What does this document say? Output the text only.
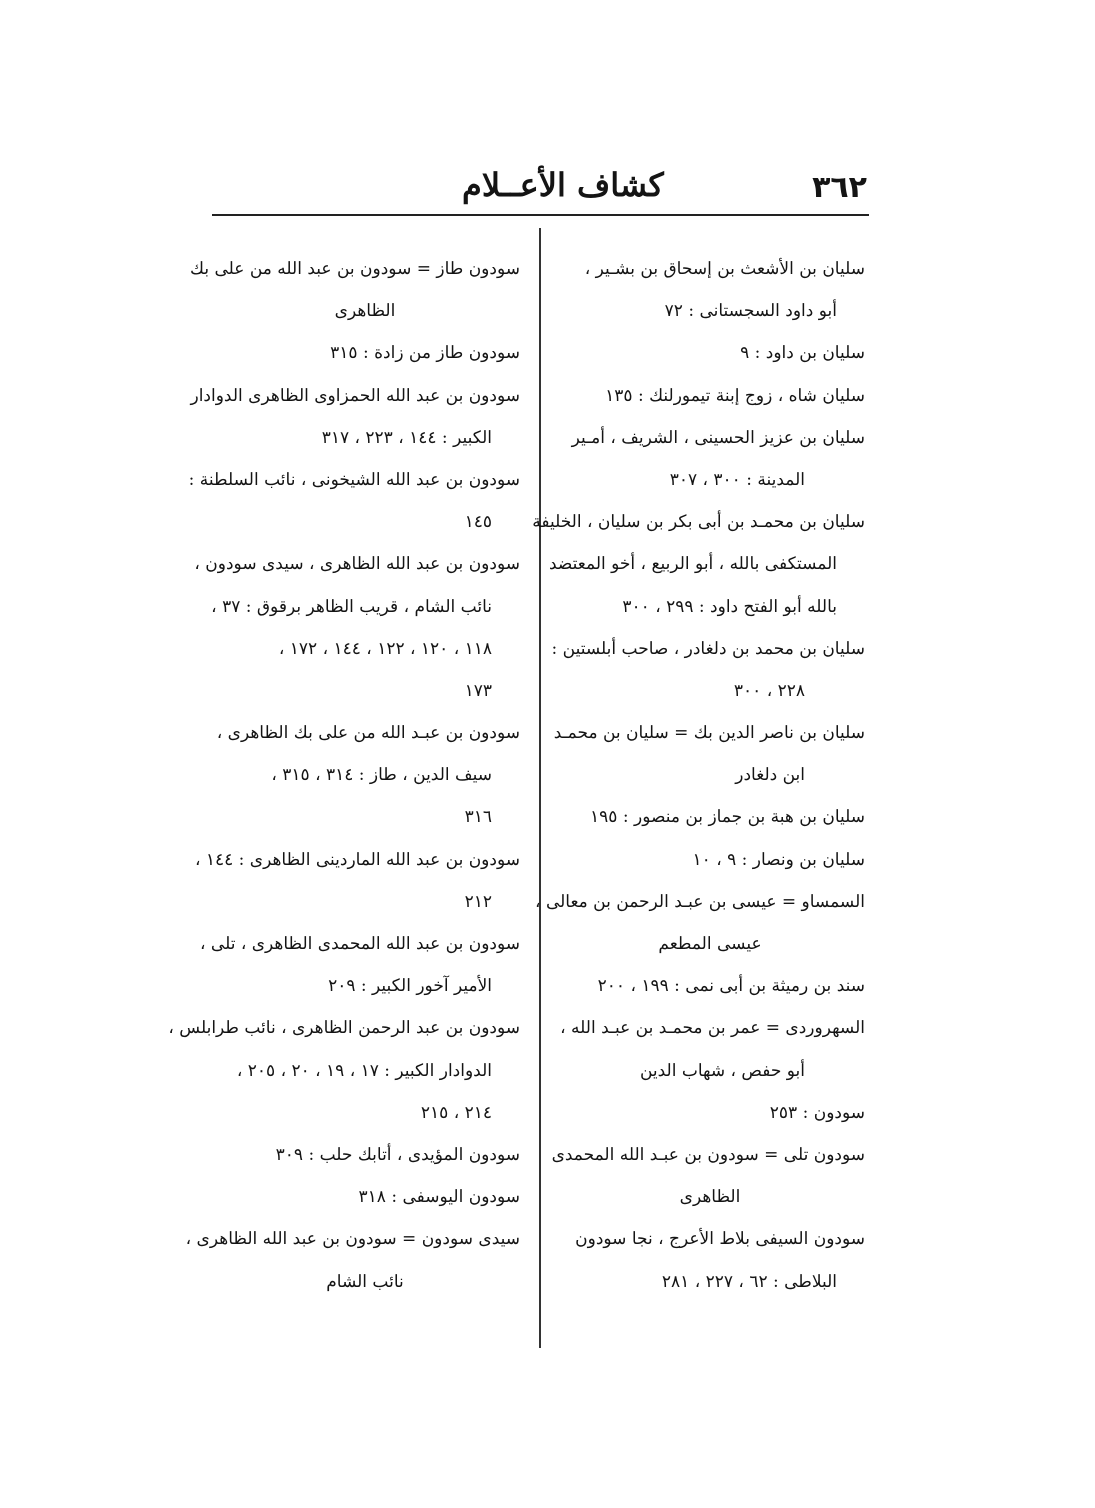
٣٦٢
كشاف الأعــلام
سليان بن الأشعث بن إسحاق بن بشـير ،
أبو داود السجستانى : ٧٢
سليان بن داود : ٩
سليان شاه ، زوج إبنة تيمورلنك : ١٣٥
سليان بن عزيز الحسينى ، الشريف ، أمـير
المدينة : ٣٠٠ ، ٣٠٧
سليان بن محمـد بن أبى بكر بن سليان ، الخليفة
المستكفى بالله ، أبو الربيع ، أخو المعتضد
بالله أبو الفتح داود : ٢٩٩ ، ٣٠٠
سليان بن محمد بن دلغادر ، صاحب أبلستين :
٢٢٨ ، ٣٠٠
سليان بن ناصر الدين بك = سليان بن محمـد
ابن دلغادر
سليان بن هبة بن جماز بن منصور : ١٩٥
سليان بن ونصار : ٩ ، ١٠
السمساو = عيسى بن عبـد الرحمن بن معالى ،
عيسى المطعم
سند بن رميثة بن أبى نمى : ١٩٩ ، ٢٠٠
السهروردى = عمر بن محمـد بن عبـد الله ،
أبو حفص ، شهاب الدين
سودون : ٢٥٣
سودون تلى = سودون بن عبـد الله المحمدى
الظاهرى
سودون السيفى بلاط الأعرج ، نجا سودون
البلاطى : ٦٢ ، ٢٢٧ ، ٢٨١
سودون طاز = سودون بن عبد الله من على بك
الظاهرى
سودون طاز من زادة : ٣١٥
سودون بن عبد الله الحمزاوى الظاهرى الدوادار
الكبير : ١٤٤ ، ٢٢٣ ، ٣١٧
سودون بن عبد الله الشيخونى ، نائب السلطنة :
١٤٥
سودون بن عبد الله الظاهرى ، سيدى سودون ،
نائب الشام ، قريب الظاهر برقوق : ٣٧ ،
١١٨ ، ١٢٠ ، ١٢٢ ، ١٤٤ ، ١٧٢ ،
١٧٣
سودون بن عبـد الله من على بك الظاهرى ،
سيف الدين ، طاز : ٣١٤ ، ٣١٥ ،
٣١٦
سودون بن عبد الله الماردينى الظاهرى : ١٤٤ ،
٢١٢
سودون بن عبد الله المحمدى الظاهرى ، تلى ،
الأمير آخور الكبير : ٢٠٩
سودون بن عبد الرحمن الظاهرى ، نائب طرابلس ،
الدوادار الكبير : ١٧ ، ١٩ ، ٢٠ ، ٢٠٥ ،
٢١٤ ، ٢١٥
سودون المؤيدى ، أتابك حلب : ٣٠٩
سودون اليوسفى : ٣١٨
سيدى سودون = سودون بن عبد الله الظاهرى ،
نائب الشام
